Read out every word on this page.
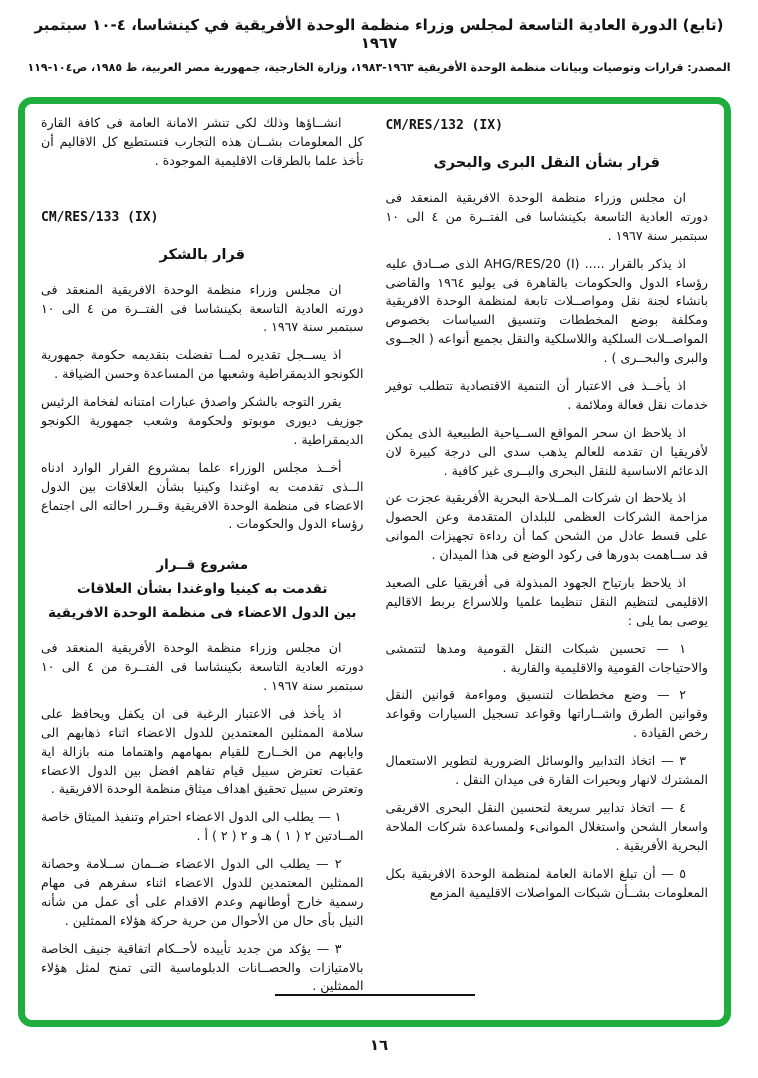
(تابع) الدورة العادية التاسعة لمجلس وزراء منظمة الوحدة الأفريقية في كينشاسا، ٤-١٠ سبتمبر ١٩٦٧
المصدر: قرارات وتوصيات وبيانات منظمة الوحدة الأفريقية ١٩٦٣-١٩٨٣، وزارة الخارجية، جمهورية مصر العربية، ط ١٩٨٥، ص١٠٤-١١٩
CM/RES/132 (IX)
قرار بشأن النقل البرى والبحرى

ان مجلس وزراء منظمة الوحدة الافريقية المنعقد فى دورته العادية التاسعة بكينشاسا فى الفتــرة من ٤ الى ١٠ سبتمبر سنة ١٩٦٧ .

اذ يذكر بالقرار ..... AHG/RES/20 (I) الذى صــادق عليه رؤساء الدول والحكومات بالقاهرة فى يوليو ١٩٦٤ والقاضى بانشاء لجنة نقل ومواصــلات تابعة لمنظمة الوحدة الافريقية ومكلفة بوضع المخططات وتنسيق السياسات بخصوص المواصــلات السلكية واللاسلكية والنقل بجميع أنواعه ( الجــوى والبرى والبحــرى ) .

اذ يأخــذ فى الاعتبار أن التنمية الاقتصادية تتطلب توفير خدمات نقل فعالة وملائمة .

اذ يلاحظ ان سحر المواقع الســياحية الطبيعية الذى يمكن لأفريقيا ان تقدمه للعالم يذهب سدى الى درجة كبيرة لان الدعائم الاساسية للنقل البحرى والبــرى غير كافية .

اذ يلاحظ ان شركات المــلاحة البحرية الأفريقية عجزت عن مزاحمة الشركات العظمى للبلدان المتقدمة وعن الحصول على قسط عادل من الشحن كما أن رداءة تجهيزات الموانى قد ســاهمت بدورها فى ركود الوضع فى هذا الميدان .

اذ يلاحظ بارتياح الجهود المبذولة فى أفريقيا على الصعيد الاقليمى لتنظيم النقل تنظيما علميا وللاسراع بربط الاقاليم يوصى بما يلى :

١ — تحسين شبكات النقل القومية ومدها لتتمشى والاحتياجات القومية والاقليمية والقارية .

٢ — وضع مخططات لتنسيق ومواءمة قوانين النقل وقوانين الطرق واشــاراتها وقواعد تسجيل السيارات وقواعد رخص القيادة .

٣ — اتخاذ التدابير والوسائل الضرورية لتطوير الاستعمال المشترك لانهار وبحيرات القارة فى ميدان النقل .

٤ — اتخاذ تدابير سريعة لتحسين النقل البحرى الافريقى واسعار الشحن واستغلال الموانىء ولمساعدة شركات الملاحة البحرية الأفريقية .

٥ — أن تبلغ الامانة العامة لمنظمة الوحدة الافريقية بكل المعلومات بشــأن شبكات المواصلات الاقليمية المزمع

انشــاؤها وذلك لكى تنشر الامانة العامة فى كافة القارة كل المعلومات بشــان هذه التجارب فتستطيع كل الاقاليم أن تأخذ علما بالطرقات الاقليمية الموجودة .

CM/RES/133 (IX)
قرار بالشكر

ان مجلس وزراء منظمة الوحدة الافريقية المنعقد فى دورته العادية التاسعة بكينشاسا فى الفتــرة من ٤ الى ١٠ سبتمبر سنة ١٩٦٧ .

اذ يســجل تقديره لمــا تفضلت بتقديمه حكومة جمهورية الكونجو الديمقراطية وشعبها من المساعدة وحسن الضيافة .

يقرر التوجه بالشكر واصدق عبارات امتنانه لفخامة الرئيس جوزيف ديورى موبوتو ولحكومة وشعب جمهورية الكونجو الديمقراطية .

أخــذ مجلس الوزراء علما بمشروع القرار الوارد ادناه الــذى تقدمت به اوغندا وكينيا بشأن العلاقات بين الدول الاعضاء فى منظمة الوحدة الافريقية وقــرر احالته الى اجتماع رؤساء الدول والحكومات .

مشروع قــرار
تقدمت به كينيا واوغندا بشأن العلاقات
بين الدول الاعضاء فى منظمة الوحدة الافريقية

ان مجلس وزراء منظمة الوحدة الأفريقية المنعقد فى دورته العادية التاسعة بكينشاسا فى الفتــرة من ٤ الى ١٠ سبتمبر سنة ١٩٦٧ .

اذ يأخذ فى الاعتبار الرغبة فى ان يكفل ويحافظ على سلامة الممثلين المعتمدين للدول الاعضاء اثناء ذهابهم الى وايابهم من الخــارج للقيام بمهامهم واهتماما منه بازالة اية عقبات تعترض سبيل قيام تفاهم افضل بين الدول الاعضاء وتعترض سبيل تحقيق اهداف ميثاق منظمة الوحدة الافريقية .

١ — يطلب الى الدول الاعضاء احترام وتنفيذ الميثاق خاصة المــادتين ٢ ( ١ ) هـ و ٢ ( ٢ ) أ .

٢ — يطلب الى الدول الاعضاء ضــمان ســلامة وحصانة الممثلين المعتمدين للدول الاعضاء اثناء سفرهم فى مهام رسمية خارج أوطانهم وعدم الاقدام على أى عمل من شأنه النيل بأى حال من الأحوال من حرية حركة هؤلاء الممثلين .

٣ — يؤكد من جديد تأييده لأحــكام اتفاقية جنيف الخاصة بالامتيازات والحصــانات الدبلوماسية التى تمنح لمثل هؤلاء الممثلين .

١٦
